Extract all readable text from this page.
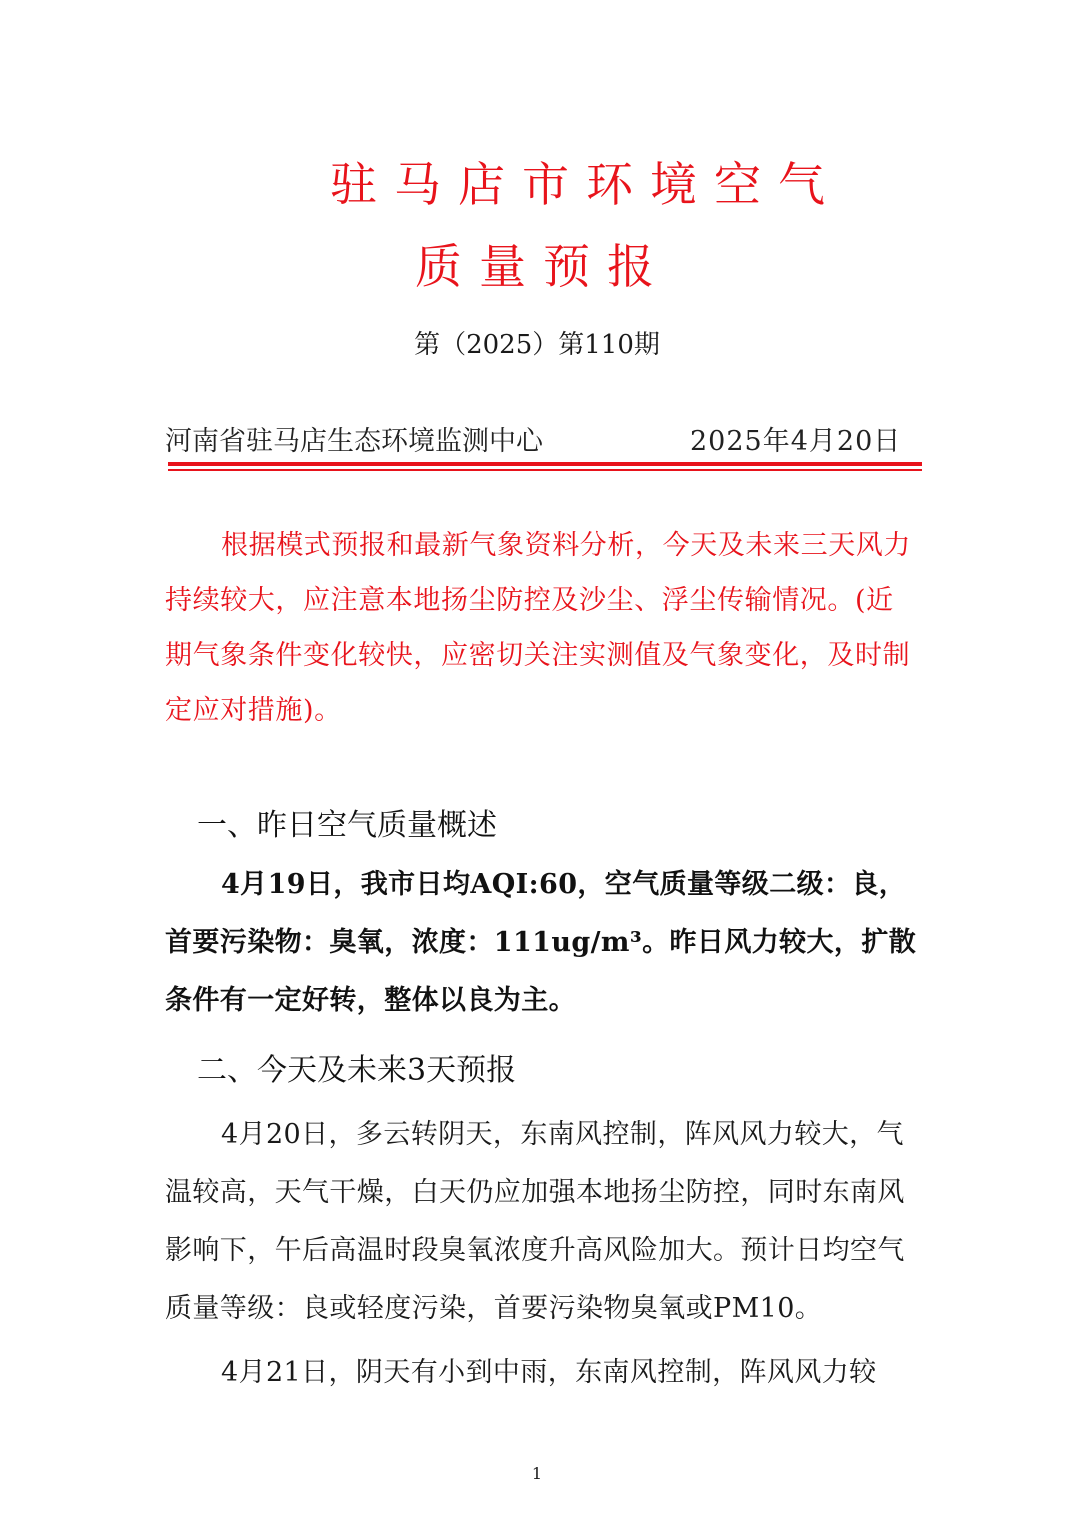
驻马店市环境空气
质量预报
第（2025）第110期
河南省驻马店生态环境监测中心	2025年4月20日

根据模式预报和最新气象资料分析，今天及未来三天风力持续较大，应注意本地扬尘防控及沙尘、浮尘传输情况。(近期气象条件变化较快，应密切关注实测值及气象变化，及时制定应对措施)。

一、昨日空气质量概述

4月19日，我市日均AQI:60，空气质量等级二级：良，首要污染物：臭氧，浓度：111ug/m³。昨日风力较大，扩散条件有一定好转，整体以良为主。

二、今天及未来3天预报

4月20日，多云转阴天，东南风控制，阵风风力较大，气温较高，天气干燥，白天仍应加强本地扬尘防控，同时东南风影响下，午后高温时段臭氧浓度升高风险加大。预计日均空气质量等级：良或轻度污染，首要污染物臭氧或PM10。

4月21日，阴天有小到中雨，东南风控制，阵风风力较

1
